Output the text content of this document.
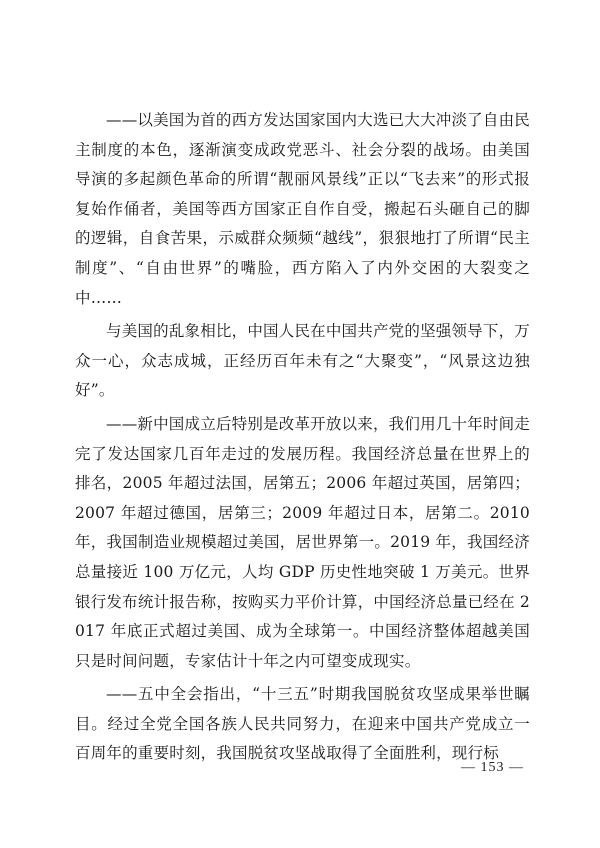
——以美国为首的西方发达国家国内大选已大大冲淡了自由民主制度的本色，逐渐演变成政党恶斗、社会分裂的战场。由美国导演的多起颜色革命的所谓“靓丽风景线”正以“飞去来”的形式报复始作俑者，美国等西方国家正自作自受，搬起石头砸自己的脚的逻辑，自食苦果，示威群众频频“越线”，狠狠地打了所谓“民主制度”、“自由世界”的嘴脸，西方陷入了内外交困的大裂变之中……

与美国的乱象相比，中国人民在中国共产党的坚强领导下，万众一心，众志成城，正经历百年未有之“大聚变”，“风景这边独好”。

——新中国成立后特别是改革开放以来，我们用几十年时间走完了发达国家几百年走过的发展历程。我国经济总量在世界上的排名，2005 年超过法国，居第五；2006 年超过英国，居第四；2007 年超过德国，居第三；2009 年超过日本，居第二。2010 年，我国制造业规模超过美国，居世界第一。2019 年，我国经济总量接近 100 万亿元，人均 GDP 历史性地突破 1 万美元。世界银行发布统计报告称，按购买力平价计算，中国经济总量已经在 2017 年底正式超过美国、成为全球第一。中国经济整体超越美国只是时间问题，专家估计十年之内可望变成现实。

——五中全会指出，“十三五”时期我国脱贫攻坚成果举世瞩目。经过全党全国各族人民共同努力，在迎来中国共产党成立一百周年的重要时刻，我国脱贫攻坚战取得了全面胜利，现行标

— 153 —
